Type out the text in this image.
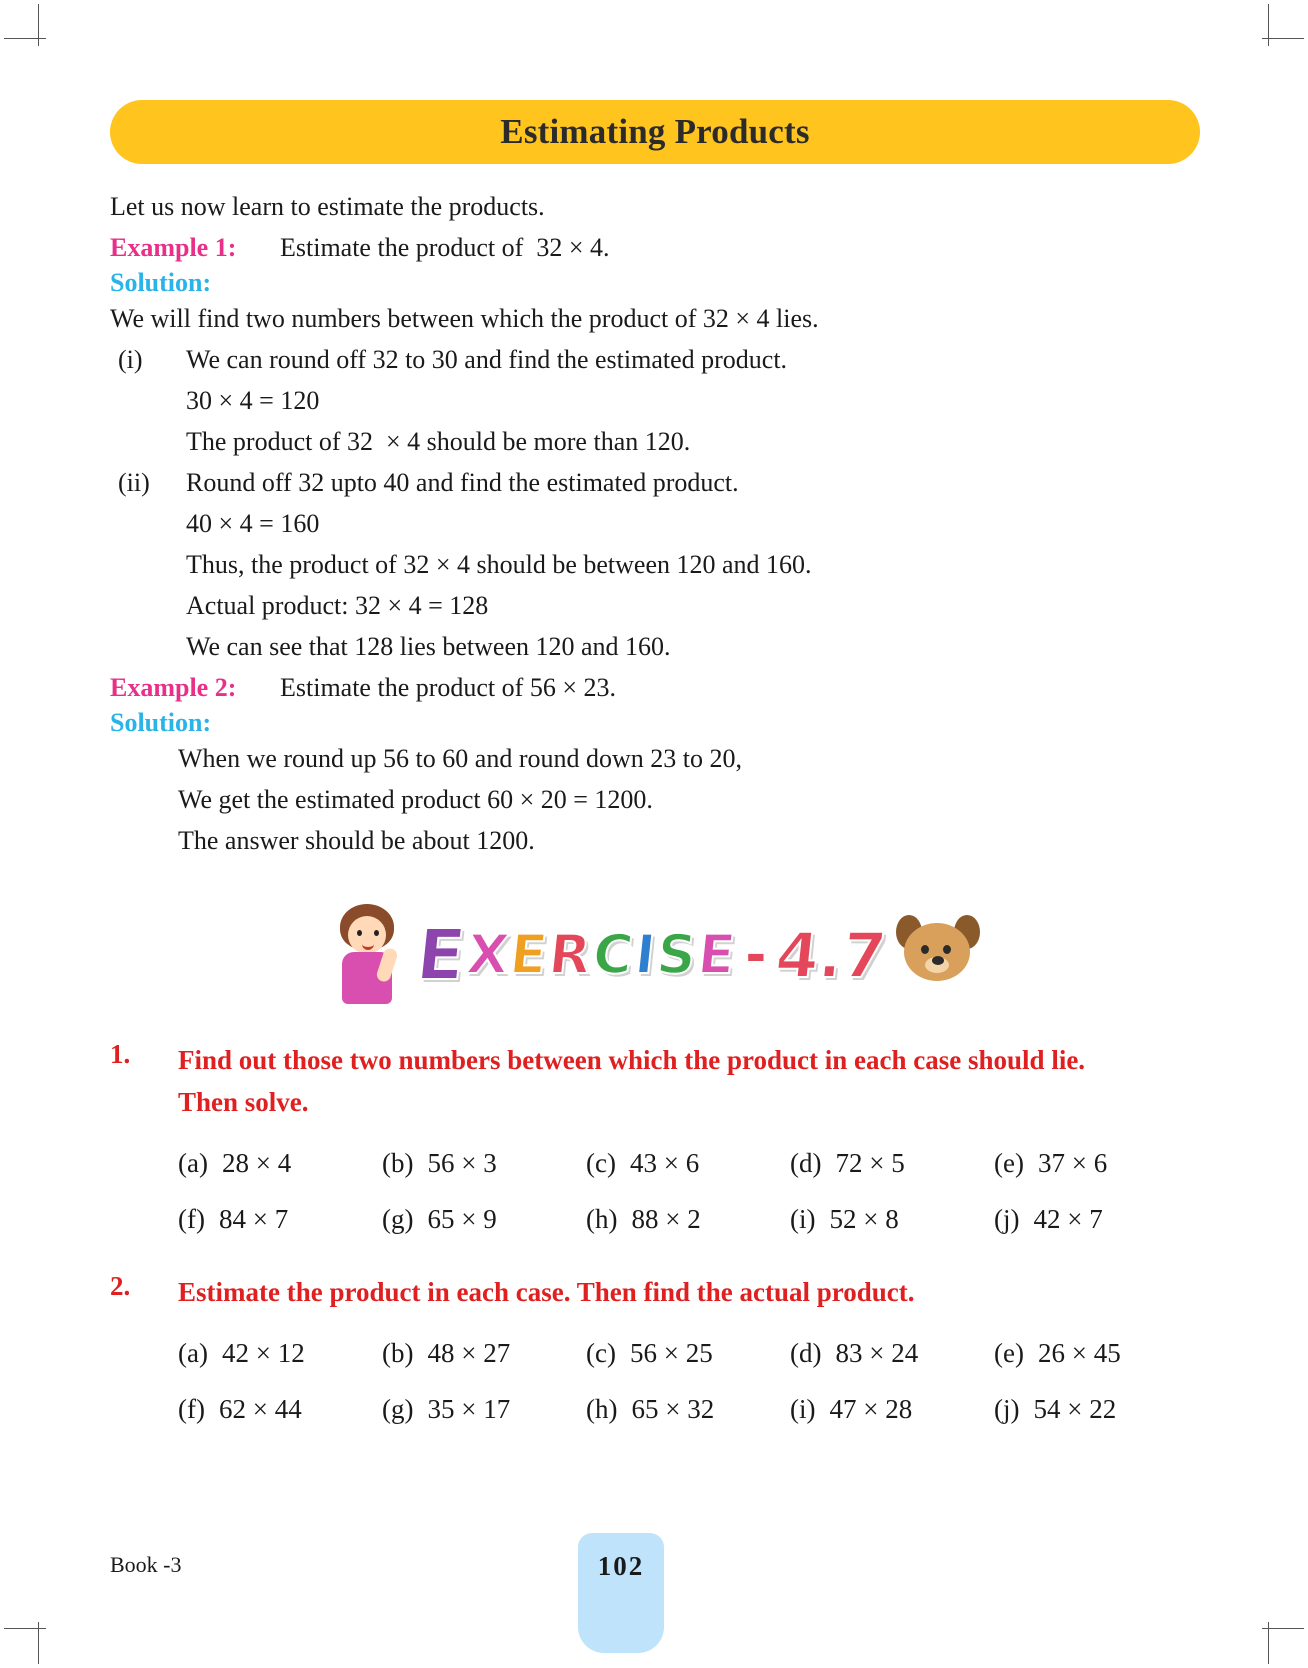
Estimating Products
Let us now learn to estimate the products.
Example 1:	Estimate the product of  32 × 4.
Solution:
We will find two numbers between which the product of 32 × 4 lies.
(i)	We can round off 32 to 30 and find the estimated product.
30 × 4 = 120
The product of 32  × 4 should be more than 120.
(ii)	Round off 32 upto 40 and find the estimated product.
40 × 4 = 160
Thus, the product of 32 × 4 should be between 120 and 160.
Actual product: 32 × 4 = 128
We can see that 128 lies between 120 and 160.
Example 2:	Estimate the product of 56 × 23.
Solution:
When we round up 56 to 60 and round down 23 to 20,
We get the estimated product 60 × 20 = 1200.
The answer should be about 1200.
E
X
E
R
C
I
S
E - 4.7
1.	Find out those two numbers between which the product in each case should lie. Then solve.
(a) 28 × 4	(b) 56 × 3	(c) 43 × 6	(d) 72 × 5	(e) 37 × 6
(f) 84 × 7	(g) 65 × 9	(h) 88 × 2	(i) 52 × 8	(j) 42 × 7
2.	Estimate the product in each case. Then find the actual product.
(a) 42 × 12	(b) 48 × 27	(c) 56 × 25	(d) 83 × 24	(e) 26 × 45
(f) 62 × 44	(g) 35 × 17	(h) 65 × 32	(i) 47 × 28	(j) 54 × 22
Book -3	102
